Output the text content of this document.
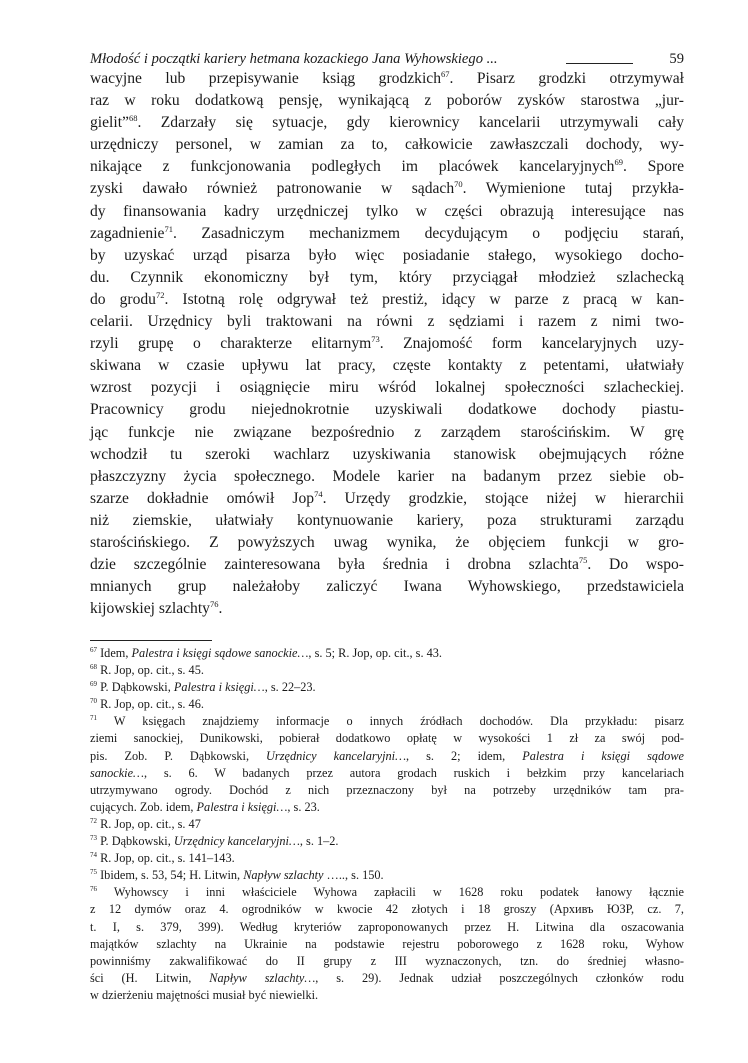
Młodość i początki kariery hetmana kozackiego Jana Wyhowskiego ...	59
wacyjne lub przepisywanie ksiąg grodzkich$^{67}$. Pisarz grodzki otrzymywał
raz w roku dodatkową pensję, wynikającą z poborów zysków starostwa „jur-
gielit”$^{68}$. Zdarzały się sytuacje, gdy kierownicy kancelarii utrzymywali cały
urzędniczy personel, w zamian za to, całkowicie zawłaszczali dochody, wy-
nikające z funkcjonowania podległych im placówek kancelaryjnych$^{69}$. Spore
zyski dawało również patronowanie w sądach$^{70}$. Wymienione tutaj przykła-
dy finansowania kadry urzędniczej tylko w części obrazują interesujące nas
zagadnienie$^{71}$. Zasadniczym mechanizmem decydującym o podjęciu starań,
by uzyskać urząd pisarza było więc posiadanie stałego, wysokiego docho-
du. Czynnik ekonomiczny był tym, który przyciągał młodzież szlachecką
do grodu$^{72}$. Istotną rolę odgrywał też prestiż, idący w parze z pracą w kan-
celarii. Urzędnicy byli traktowani na równi z sędziami i razem z nimi two-
rzyli grupę o charakterze elitarnym$^{73}$. Znajomość form kancelaryjnych uzy-
skiwana w czasie upływu lat pracy, częste kontakty z petentami, ułatwiały
wzrost pozycji i osiągnięcie miru wśród lokalnej społeczności szlacheckiej.
Pracownicy grodu niejednokrotnie uzyskiwali dodatkowe dochody piastu-
jąc funkcje nie związane bezpośrednio z zarządem starościńskim. W grę
wchodził tu szeroki wachlarz uzyskiwania stanowisk obejmujących różne
płaszczyzny życia społecznego. Modele karier na badanym przez siebie ob-
szarze dokładnie omówił Jop$^{74}$. Urzędy grodzkie, stojące niżej w hierarchii
niż ziemskie, ułatwiały kontynuowanie kariery, poza strukturami zarządu
starościńskiego. Z powyższych uwag wynika, że objęciem funkcji w gro-
dzie szczególnie zainteresowana była średnia i drobna szlachta$^{75}$. Do wspo-
mnianych grup należałoby zaliczyć Iwana Wyhowskiego, przedstawiciela
kijowskiej szlachty$^{76}$.
$^{67}$ Idem, Palestra i księgi sądowe sanockie…, s. 5; R. Jop, op. cit., s. 43.
$^{68}$ R. Jop, op. cit., s. 45.
$^{69}$ P. Dąbkowski, Palestra i księgi…, s. 22–23.
$^{70}$ R. Jop, op. cit., s. 46.
$^{71}$ W księgach znajdziemy informacje o innych źródłach dochodów. Dla przykładu: pisarz
ziemi sanockiej, Dunikowski, pobierał dodatkowo opłatę w wysokości 1 zł za swój pod-
pis. Zob. P. Dąbkowski, Urzędnicy kancelaryjni…, s. 2; idem, Palestra i księgi sądowe
sanockie…, s. 6. W badanych przez autora grodach ruskich i bełzkim przy kancelariach
utrzymywano ogrody. Dochód z nich przeznaczony był na potrzeby urzędników tam pra-
cujących. Zob. idem, Palestra i księgi…, s. 23.
$^{72}$ R. Jop, op. cit., s. 47
$^{73}$ P. Dąbkowski, Urzędnicy kancelaryjni…, s. 1–2.
$^{74}$ R. Jop, op. cit., s. 141–143.
$^{75}$ Ibidem, s. 53, 54; H. Litwin, Napływ szlachty ….., s. 150.
$^{76}$ Wyhowscy i inni właściciele Wyhowa zapłacili w 1628 roku podatek łanowy łącznie
z 12 dymów oraz 4. ogrodników w kwocie 42 złotych i 18 groszy (Архивъ ЮЗР, cz. 7,
t. I, s. 379, 399). Według kryteriów zaproponowanych przez H. Litwina dla oszacowania
majątków szlachty na Ukrainie na podstawie rejestru poborowego z 1628 roku, Wyhow
powinniśmy zakwalifikować do II grupy z III wyznaczonych, tzn. do średniej własno-
ści (H. Litwin, Napływ szlachty…, s. 29). Jednak udział poszczególnych członków rodu
w dzierżeniu majętności musiał być niewielki.
